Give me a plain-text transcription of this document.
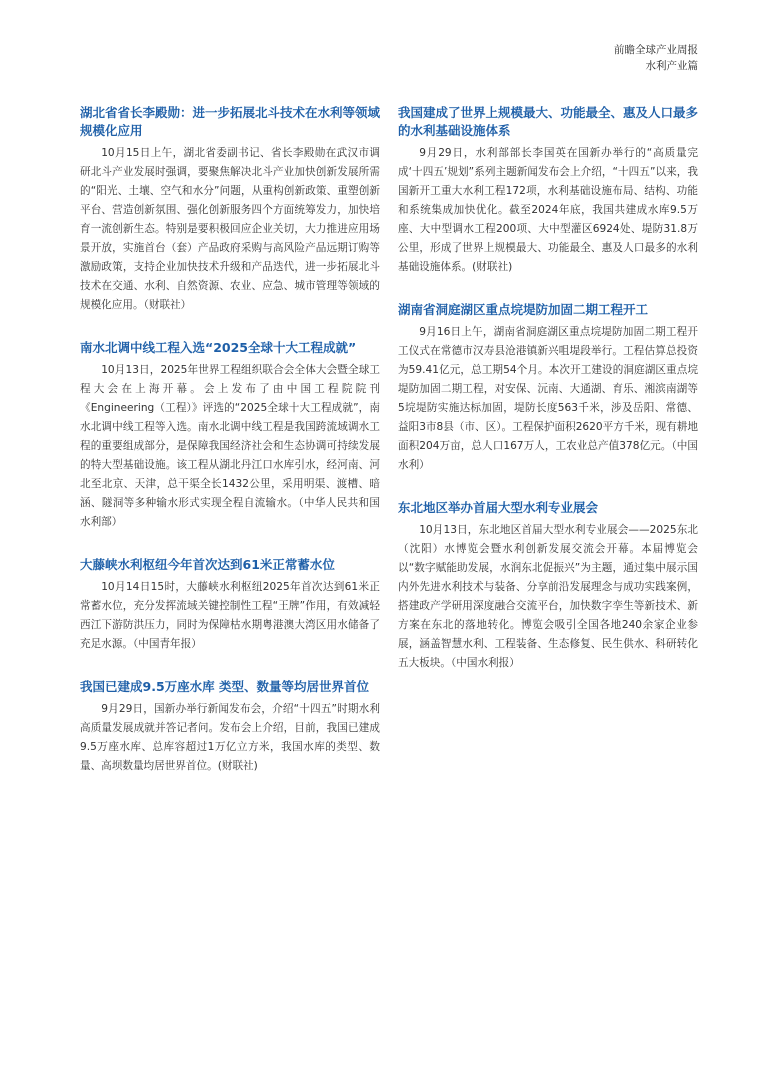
前瞻全球产业周报
水利产业篇
湖北省省长李殿勋：进一步拓展北斗技术在水利等领域规模化应用

10月15日上午，湖北省委副书记、省长李殿勋在武汉市调研北斗产业发展时强调，要聚焦解决北斗产业加快创新发展所需的“阳光、土壤、空气和水分”问题，从重构创新政策、重塑创新平台、营造创新氛围、强化创新服务四个方面统筹发力，加快培育一流创新生态。特别是要积极回应企业关切，大力推进应用场景开放，实施首台（套）产品政府采购与高风险产品远期订购等激励政策，支持企业加快技术升级和产品迭代，进一步拓展北斗技术在交通、水利、自然资源、农业、应急、城市管理等领域的规模化应用。（财联社）

南水北调中线工程入选“2025全球十大工程成就”

10月13日，2025年世界工程组织联合会全体大会暨全球工程大会在上海开幕。会上发布了由中国工程院院刊《Engineering（工程）》评选的“2025全球十大工程成就”，南水北调中线工程等入选。南水北调中线工程是我国跨流域调水工程的重要组成部分，是保障我国经济社会和生态协调可持续发展的特大型基础设施。该工程从湖北丹江口水库引水，经河南、河北至北京、天津，总干渠全长1432公里，采用明渠、渡槽、暗涵、隧洞等多种输水形式实现全程自流输水。（中华人民共和国水利部）

大藤峡水利枢纽今年首次达到61米正常蓄水位

10月14日15时，大藤峡水利枢纽2025年首次达到61米正常蓄水位，充分发挥流域关键控制性工程“王牌”作用，有效减轻西江下游防洪压力，同时为保障枯水期粤港澳大湾区用水储备了充足水源。（中国青年报）

我国已建成9.5万座水库 类型、数量等均居世界首位

9月29日，国新办举行新闻发布会，介绍“十四五”时期水利高质量发展成就并答记者问。发布会上介绍，目前，我国已建成9.5万座水库、总库容超过1万亿立方米，我国水库的类型、数量、高坝数量均居世界首位。(财联社)

我国建成了世界上规模最大、功能最全、惠及人口最多的水利基础设施体系

9月29日，水利部部长李国英在国新办举行的“高质量完成‘十四五’规划”系列主题新闻发布会上介绍，“十四五”以来，我国新开工重大水利工程172项，水利基础设施布局、结构、功能和系统集成加快优化。截至2024年底，我国共建成水库9.5万座、大中型调水工程200项、大中型灌区6924处、堤防31.8万公里，形成了世界上规模最大、功能最全、惠及人口最多的水利基础设施体系。(财联社)

湖南省洞庭湖区重点垸堤防加固二期工程开工

9月16日上午，湖南省洞庭湖区重点垸堤防加固二期工程开工仪式在常德市汉寿县沧港镇新兴咀堤段举行。工程估算总投资为59.41亿元，总工期54个月。本次开工建设的洞庭湖区重点垸堤防加固二期工程，对安保、沅南、大通湖、育乐、湘滨南湖等5垸堤防实施达标加固，堤防长度563千米，涉及岳阳、常德、益阳3市8县（市、区）。工程保护面积2620平方千米，现有耕地面积204万亩，总人口167万人，工农业总产值378亿元。（中国水利）

东北地区举办首届大型水利专业展会

10月13日，东北地区首届大型水利专业展会——2025东北（沈阳）水博览会暨水利创新发展交流会开幕。本届博览会以“数字赋能助发展，水润东北促振兴”为主题，通过集中展示国内外先进水利技术与装备、分享前沿发展理念与成功实践案例，搭建政产学研用深度融合交流平台，加快数字孪生等新技术、新方案在东北的落地转化。博览会吸引全国各地240余家企业参展，涵盖智慧水利、工程装备、生态修复、民生供水、科研转化五大板块。（中国水利报）
